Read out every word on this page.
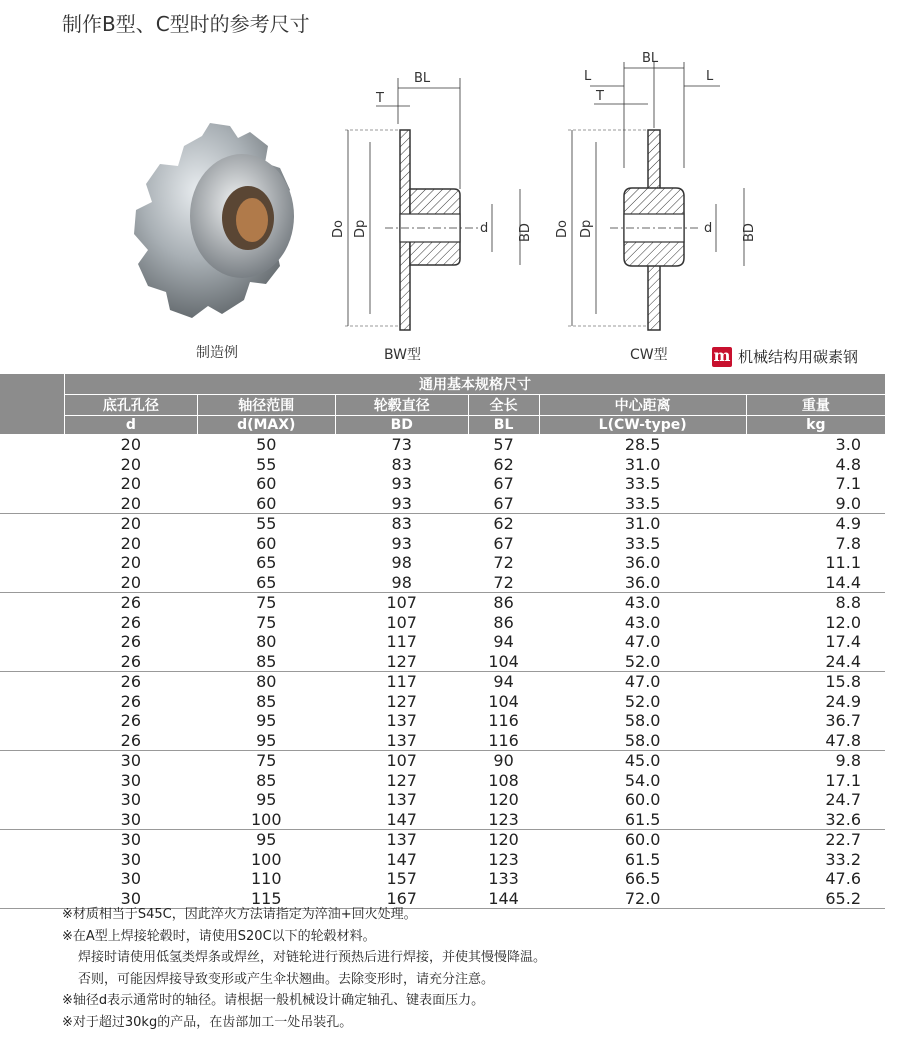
制作B型、C型时的参考尺寸
制造例
BL
T
Do Dp	d BD
BW型
BL
L	L
T
Do Dp	d BD
CW型	m 机械结构用碳素钢
	通用基本规格尺寸					
	底孔孔径	轴径范围	轮毂直径	全长	中心距离	重量
	d	d(MAX)	BD	BL	L(CW-type)	kg
	20	50	73	57	28.5	3.0
	20	55	83	62	31.0	4.8
	20	60	93	67	33.5	7.1
	20	60	93	67	33.5	9.0
	20	55	83	62	31.0	4.9
	20	60	93	67	33.5	7.8
	20	65	98	72	36.0	11.1
	20	65	98	72	36.0	14.4
	26	75	107	86	43.0	8.8
	26	75	107	86	43.0	12.0
	26	80	117	94	47.0	17.4
	26	85	127	104	52.0	24.4
	26	80	117	94	47.0	15.8
	26	85	127	104	52.0	24.9
	26	95	137	116	58.0	36.7
	26	95	137	116	58.0	47.8
	30	75	107	90	45.0	9.8
	30	85	127	108	54.0	17.1
	30	95	137	120	60.0	24.7
	30	100	147	123	61.5	32.6
	30	95	137	120	60.0	22.7
	30	100	147	123	61.5	33.2
	30	110	157	133	66.5	47.6
	30	115	167	144	72.0	65.2
※材质相当于S45C，因此淬火方法请指定为淬油+回火处理。
※在A型上焊接轮毂时，请使用S20C以下的轮毂材料。
焊接时请使用低氢类焊条或焊丝，对链轮进行预热后进行焊接，并使其慢慢降温。
否则，可能因焊接导致变形或产生伞状翘曲。去除变形时，请充分注意。
※轴径d表示通常时的轴径。请根据一般机械设计确定轴孔、键表面压力。
※对于超过30kg的产品，在齿部加工一处吊装孔。
